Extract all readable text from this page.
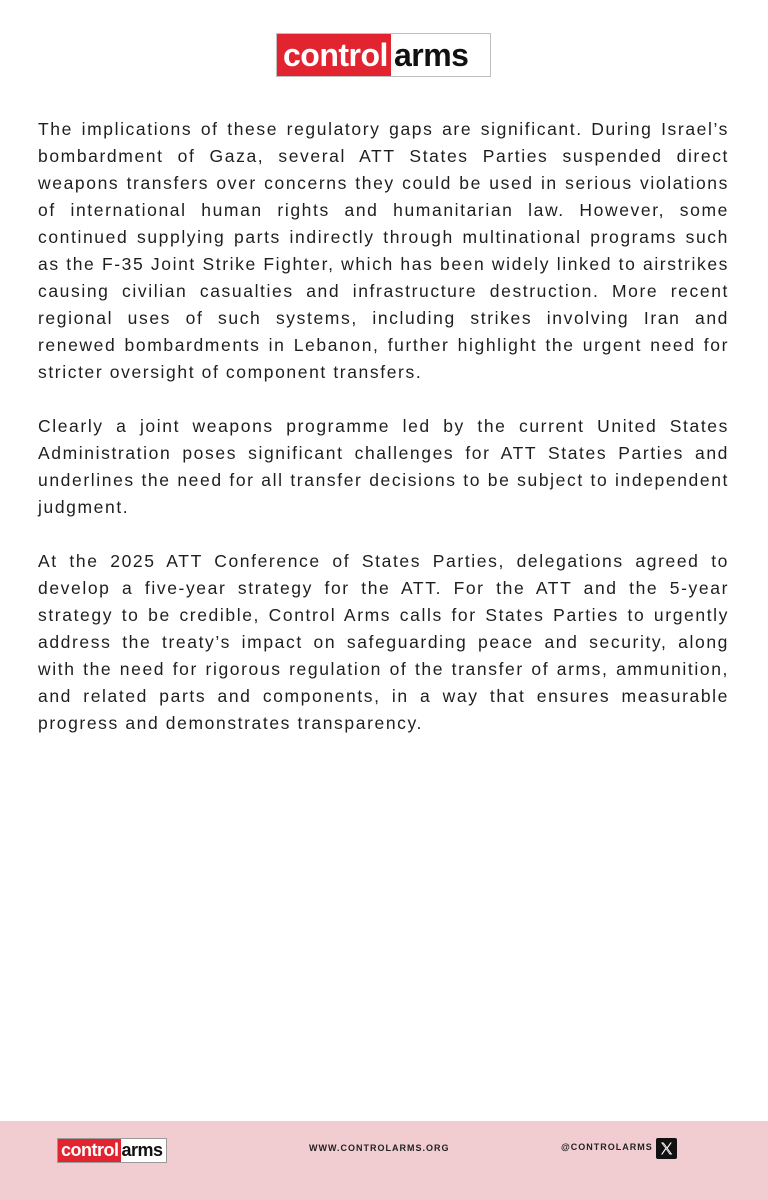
control arms

The implications of these regulatory gaps are significant. During Israel’s bombardment of Gaza, several ATT States Parties suspended direct weapons transfers over concerns they could be used in serious violations of international human rights and humanitarian law. However, some continued supplying parts indirectly through multinational programs such as the F-35 Joint Strike Fighter, which has been widely linked to airstrikes causing civilian casualties and infrastructure destruction. More recent regional uses of such systems, including strikes involving Iran and renewed bombardments in Lebanon, further highlight the urgent need for stricter oversight of component transfers.

Clearly a joint weapons programme led by the current United States Administration poses significant challenges for ATT States Parties and underlines the need for all transfer decisions to be subject to independent judgment.

At the 2025 ATT Conference of States Parties, delegations agreed to develop a five-year strategy for the ATT. For the ATT and the 5-year strategy to be credible, Control Arms calls for States Parties to urgently address the treaty’s impact on safeguarding peace and security, along with the need for rigorous regulation of the transfer of arms, ammunition, and related parts and components, in a way that ensures measurable progress and demonstrates transparency.

control arms	WWW.CONTROLARMS.ORG	@CONTROLARMS
